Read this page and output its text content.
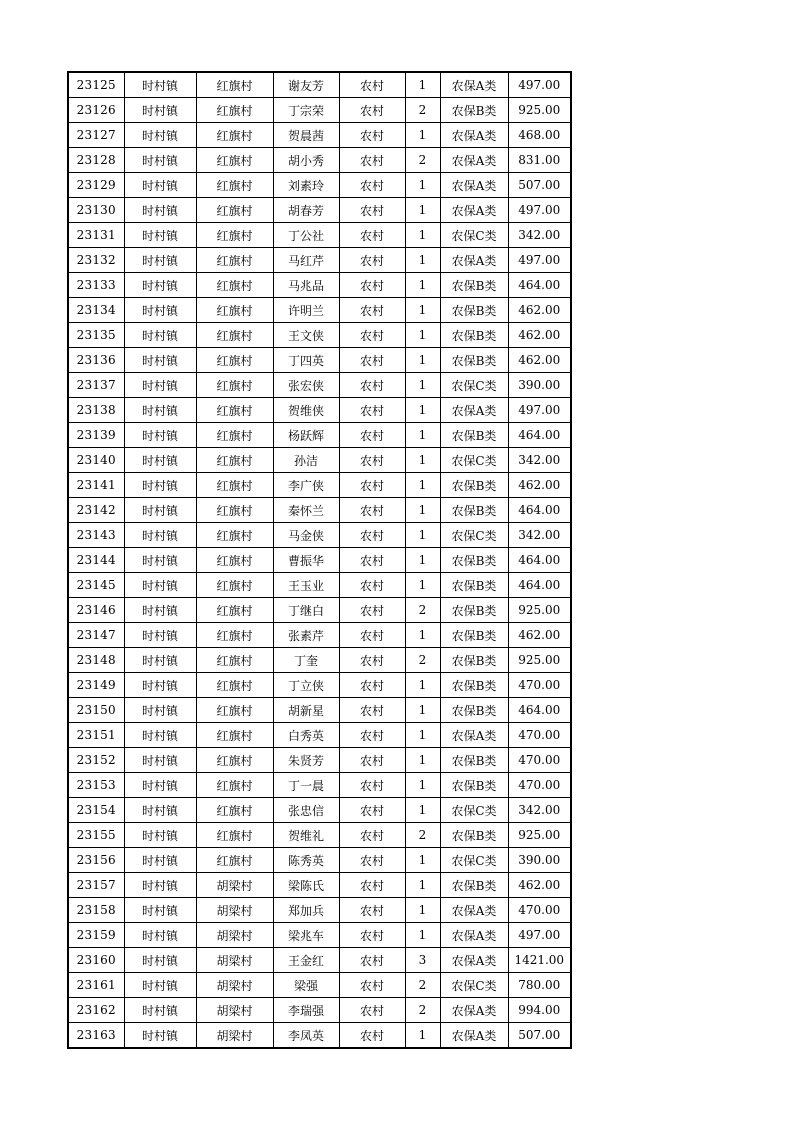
23125	时村镇	红旗村	谢友芳	农村	1	农保A类	497.00
23126	时村镇	红旗村	丁宗荣	农村	2	农保B类	925.00
23127	时村镇	红旗村	贺晨茜	农村	1	农保A类	468.00
23128	时村镇	红旗村	胡小秀	农村	2	农保A类	831.00
23129	时村镇	红旗村	刘素玲	农村	1	农保A类	507.00
23130	时村镇	红旗村	胡春芳	农村	1	农保A类	497.00
23131	时村镇	红旗村	丁公社	农村	1	农保C类	342.00
23132	时村镇	红旗村	马红芹	农村	1	农保A类	497.00
23133	时村镇	红旗村	马兆品	农村	1	农保B类	464.00
23134	时村镇	红旗村	许明兰	农村	1	农保B类	462.00
23135	时村镇	红旗村	王文侠	农村	1	农保B类	462.00
23136	时村镇	红旗村	丁四英	农村	1	农保B类	462.00
23137	时村镇	红旗村	张宏侠	农村	1	农保C类	390.00
23138	时村镇	红旗村	贺维侠	农村	1	农保A类	497.00
23139	时村镇	红旗村	杨跃辉	农村	1	农保B类	464.00
23140	时村镇	红旗村	孙洁	农村	1	农保C类	342.00
23141	时村镇	红旗村	李广侠	农村	1	农保B类	462.00
23142	时村镇	红旗村	秦怀兰	农村	1	农保B类	464.00
23143	时村镇	红旗村	马金侠	农村	1	农保C类	342.00
23144	时村镇	红旗村	曹振华	农村	1	农保B类	464.00
23145	时村镇	红旗村	王玉业	农村	1	农保B类	464.00
23146	时村镇	红旗村	丁继白	农村	2	农保B类	925.00
23147	时村镇	红旗村	张素芹	农村	1	农保B类	462.00
23148	时村镇	红旗村	丁奎	农村	2	农保B类	925.00
23149	时村镇	红旗村	丁立侠	农村	1	农保B类	470.00
23150	时村镇	红旗村	胡新星	农村	1	农保B类	464.00
23151	时村镇	红旗村	白秀英	农村	1	农保A类	470.00
23152	时村镇	红旗村	朱贤芳	农村	1	农保B类	470.00
23153	时村镇	红旗村	丁一晨	农村	1	农保B类	470.00
23154	时村镇	红旗村	张忠信	农村	1	农保C类	342.00
23155	时村镇	红旗村	贺维礼	农村	2	农保B类	925.00
23156	时村镇	红旗村	陈秀英	农村	1	农保C类	390.00
23157	时村镇	胡梁村	梁陈氏	农村	1	农保B类	462.00
23158	时村镇	胡梁村	郑加兵	农村	1	农保A类	470.00
23159	时村镇	胡梁村	梁兆车	农村	1	农保A类	497.00
23160	时村镇	胡梁村	王金红	农村	3	农保A类	1421.00
23161	时村镇	胡梁村	梁强	农村	2	农保C类	780.00
23162	时村镇	胡梁村	李瑞强	农村	2	农保A类	994.00
23163	时村镇	胡梁村	李凤英	农村	1	农保A类	507.00
